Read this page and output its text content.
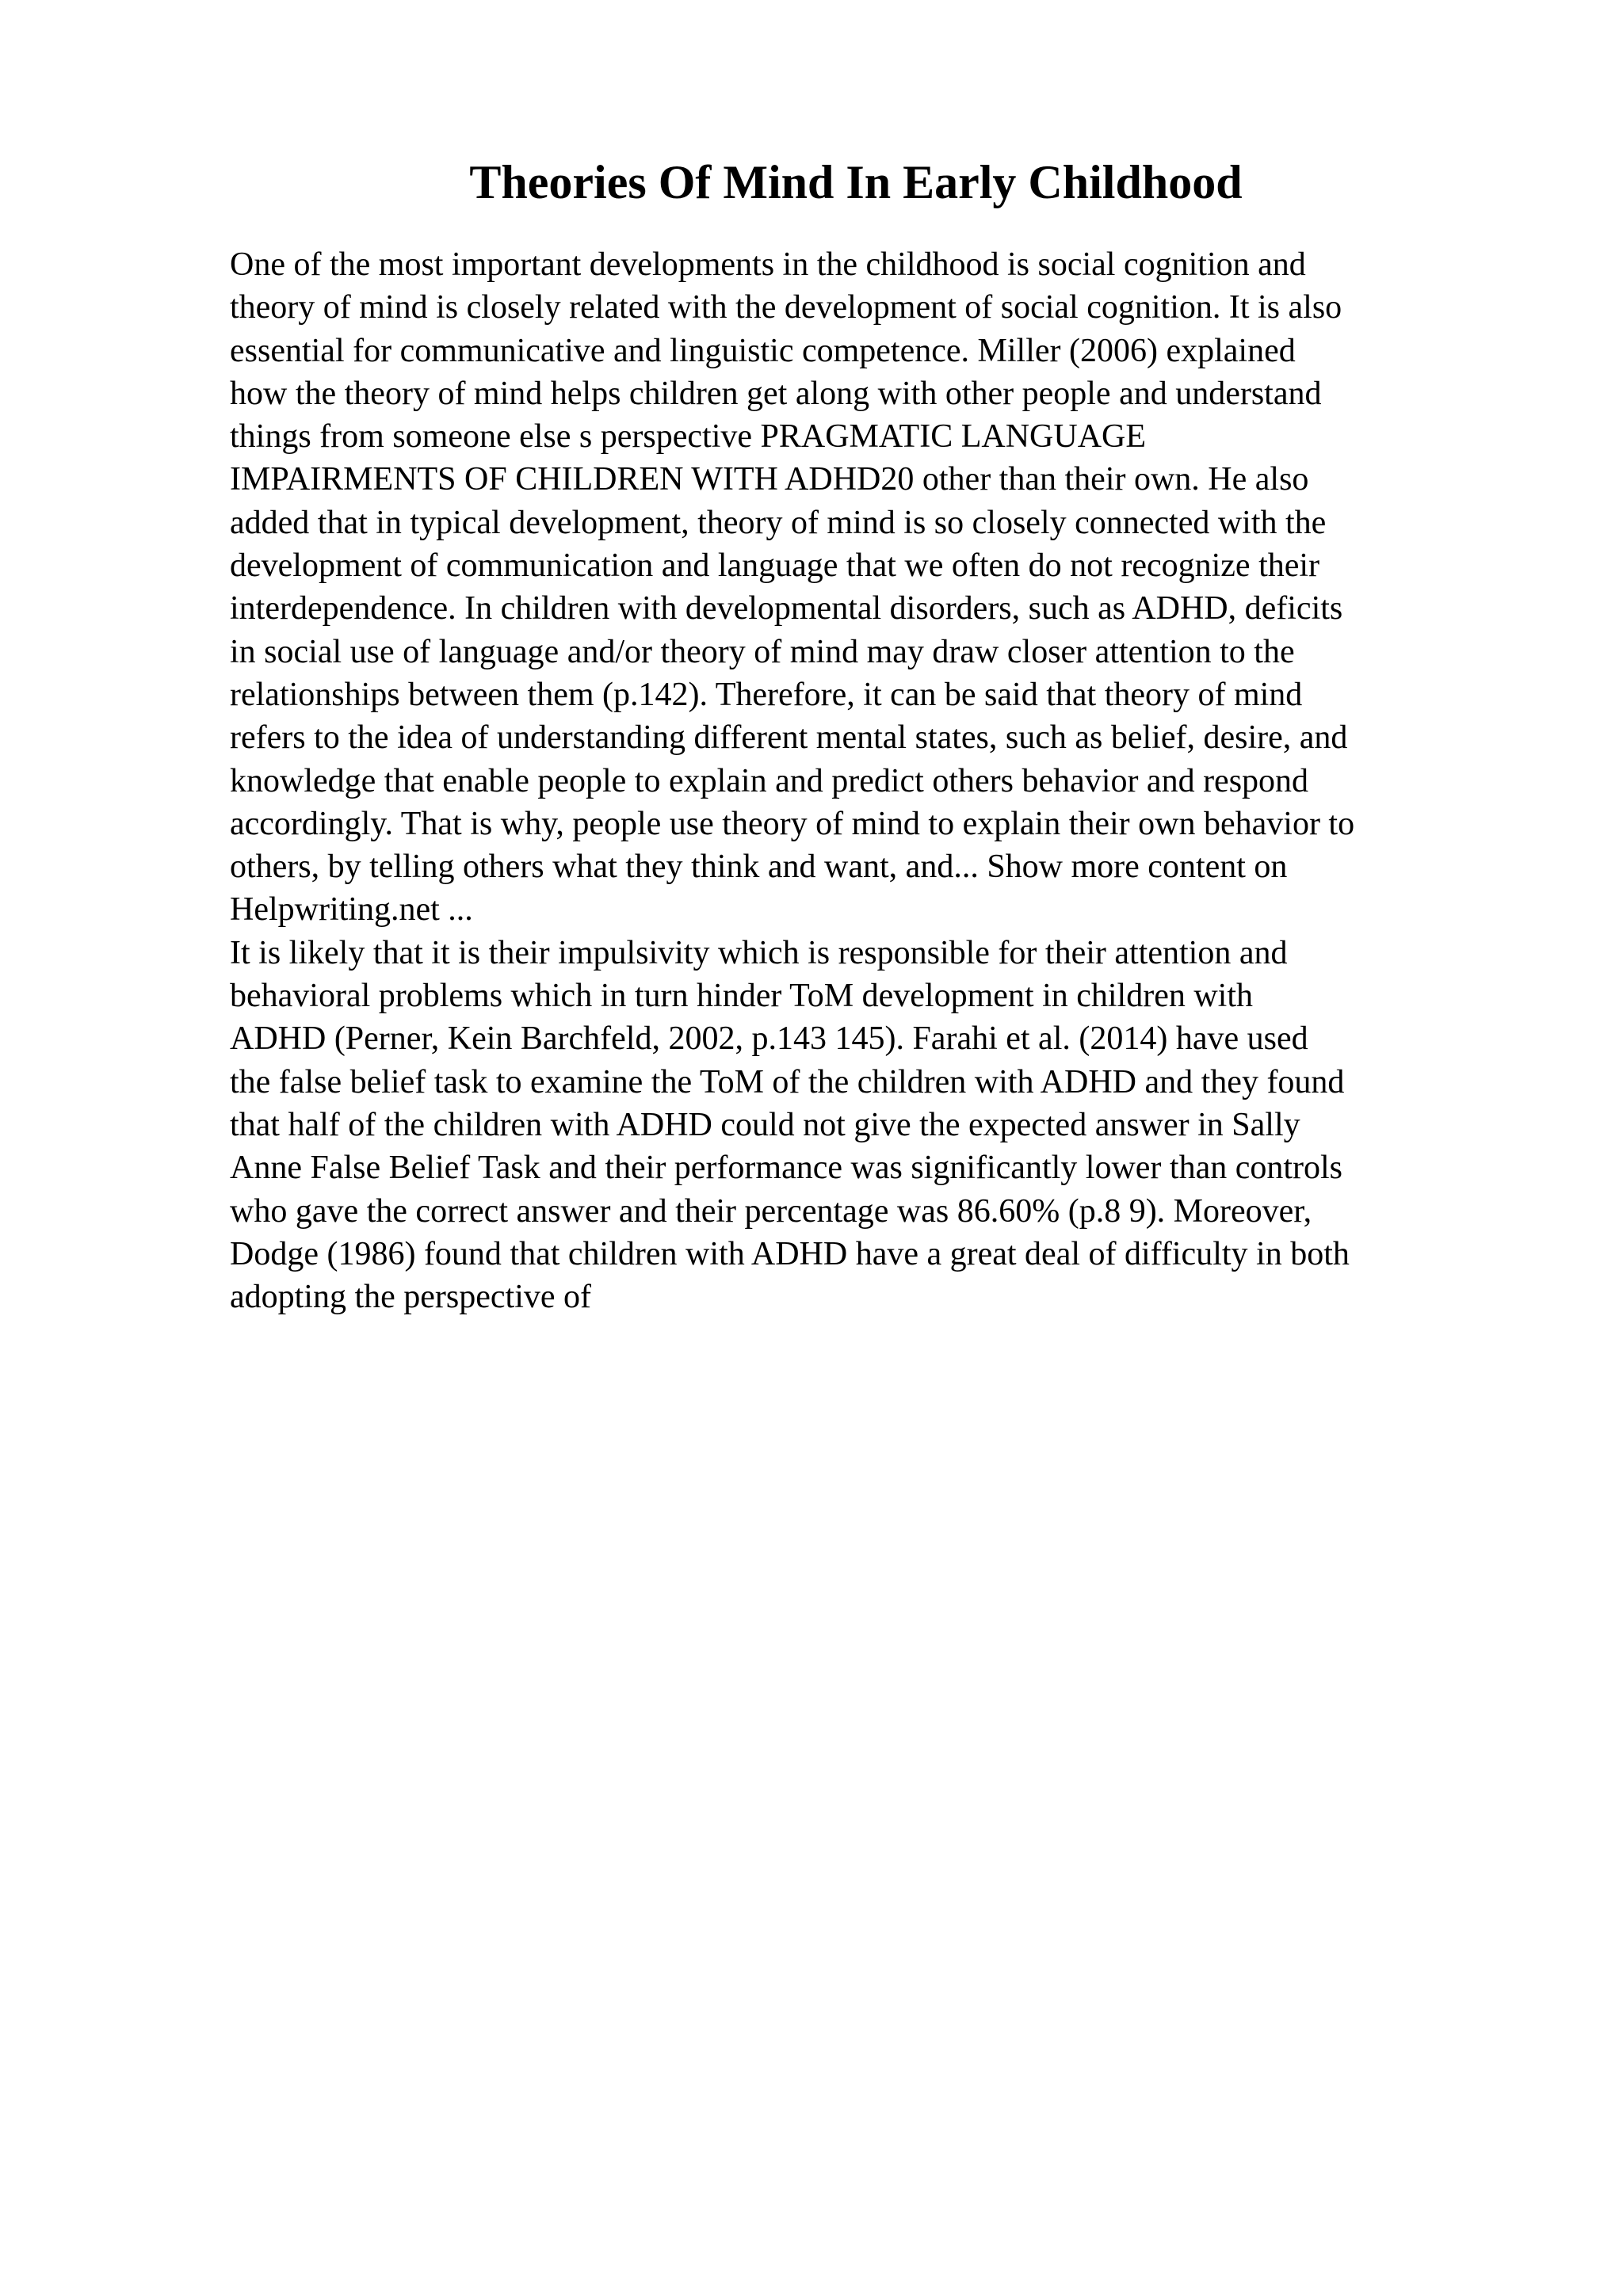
Theories Of Mind In Early Childhood
One of the most important developments in the childhood is social cognition and
theory of mind is closely related with the development of social cognition. It is also
essential for communicative and linguistic competence. Miller (2006) explained
how the theory of mind helps children get along with other people and understand
things from someone else s perspective PRAGMATIC LANGUAGE
IMPAIRMENTS OF CHILDREN WITH ADHD20 other than their own. He also
added that in typical development, theory of mind is so closely connected with the
development of communication and language that we often do not recognize their
interdependence. In children with developmental disorders, such as ADHD, deficits
in social use of language and/or theory of mind may draw closer attention to the
relationships between them (p.142). Therefore, it can be said that theory of mind
refers to the idea of understanding different mental states, such as belief, desire, and
knowledge that enable people to explain and predict others behavior and respond
accordingly. That is why, people use theory of mind to explain their own behavior to
others, by telling others what they think and want, and... Show more content on
Helpwriting.net ...
It is likely that it is their impulsivity which is responsible for their attention and
behavioral problems which in turn hinder ToM development in children with
ADHD (Perner, Kein Barchfeld, 2002, p.143 145). Farahi et al. (2014) have used
the false belief task to examine the ToM of the children with ADHD and they found
that half of the children with ADHD could not give the expected answer in Sally
Anne False Belief Task and their performance was significantly lower than controls
who gave the correct answer and their percentage was 86.60% (p.8 9). Moreover,
Dodge (1986) found that children with ADHD have a great deal of difficulty in both
adopting the perspective of
